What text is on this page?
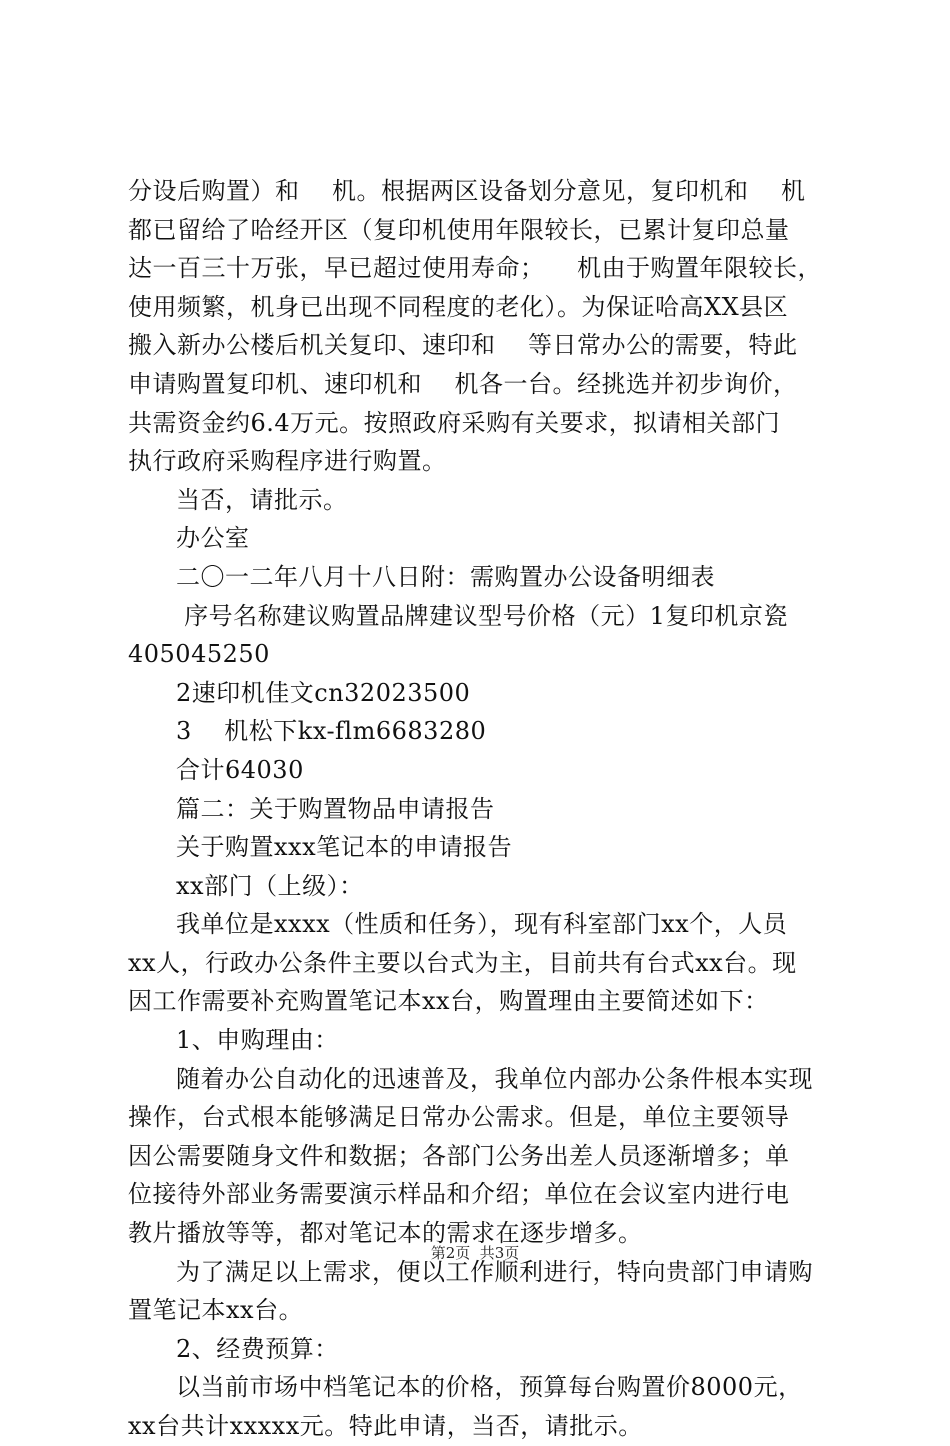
分设后购置）和    机。根据两区设备划分意见，复印机和    机
都已留给了哈经开区（复印机使用年限较长，已累计复印总量
达一百三十万张，早已超过使用寿命；    机由于购置年限较长，
使用频繁，机身已出现不同程度的老化）。为保证哈高XX县区
搬入新办公楼后机关复印、速印和    等日常办公的需要，特此
申请购置复印机、速印机和    机各一台。经挑选并初步询价，
共需资金约6.4万元。按照政府采购有关要求，拟请相关部门
执行政府采购程序进行购置。
当否，请批示。
办公室
二〇一二年八月十八日附：需购置办公设备明细表
序号名称建议购置品牌建议型号价格（元）1复印机京瓷
405045250
2速印机佳文cn32023500
3    机松下kx-flm6683280
合计64030
篇二：关于购置物品申请报告
关于购置xxx笔记本的申请报告
xx部门（上级）：
我单位是xxxx（性质和任务），现有科室部门xx个，人员
xx人，行政办公条件主要以台式为主，目前共有台式xx台。现
因工作需要补充购置笔记本xx台，购置理由主要简述如下：
1、申购理由：
随着办公自动化的迅速普及，我单位内部办公条件根本实现
操作，台式根本能够满足日常办公需求。但是，单位主要领导
因公需要随身文件和数据；各部门公务出差人员逐渐增多；单
位接待外部业务需要演示样品和介绍；单位在会议室内进行电
教片播放等等，都对笔记本的需求在逐步增多。
为了满足以上需求，便以工作顺利进行，特向贵部门申请购
置笔记本xx台。
2、经费预算：
以当前市场中档笔记本的价格，预算每台购置价8000元，
xx台共计xxxxx元。特此申请，当否，请批示。
第2页  共3页
